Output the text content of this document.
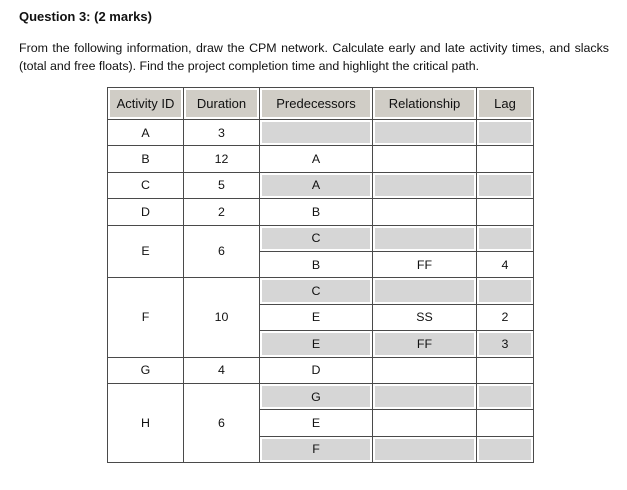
Question 3: (2 marks)
From the following information, draw the CPM network. Calculate early and late activity times, and slacks (total and free floats). Find the project completion time and highlight the critical path.
Activity ID	Duration	Predecessors	Relationship	Lag
A	3			
B	12	A		
C	5	A		
D	2	B		
E	6	C		
		B	FF	4
F	10	C		
		E	SS	2
		E	FF	3
G	4	D		
H	6	G		
		E		
		F		
